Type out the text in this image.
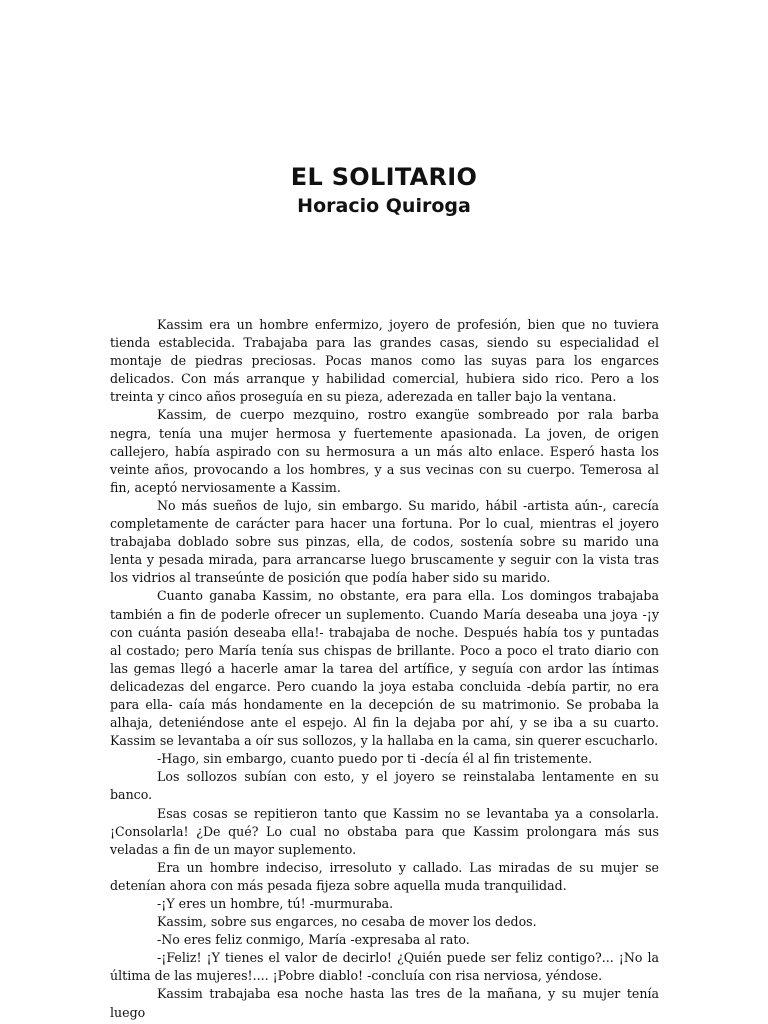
EL SOLITARIO
Horacio Quiroga

Kassim era un hombre enfermizo, joyero de profesión, bien que no tuviera tienda establecida. Trabajaba para las grandes casas, siendo su especialidad el montaje de piedras preciosas. Pocas manos como las suyas para los engarces delicados. Con más arranque y habilidad comercial, hubiera sido rico. Pero a los treinta y cinco años proseguía en su pieza, aderezada en taller bajo la ventana.

Kassim, de cuerpo mezquino, rostro exangüe sombreado por rala barba negra, tenía una mujer hermosa y fuertemente apasionada. La joven, de origen callejero, había aspirado con su hermosura a un más alto enlace. Esperó hasta los veinte años, provocando a los hombres, y a sus vecinas con su cuerpo. Temerosa al fin, aceptó nerviosamente a Kassim.

No más sueños de lujo, sin embargo. Su marido, hábil -artista aún-, carecía completamente de carácter para hacer una fortuna. Por lo cual, mientras el joyero trabajaba doblado sobre sus pinzas, ella, de codos, sostenía sobre su marido una lenta y pesada mirada, para arrancarse luego bruscamente y seguir con la vista tras los vidrios al transeúnte de posición que podía haber sido su marido.

Cuanto ganaba Kassim, no obstante, era para ella. Los domingos trabajaba también a fin de poderle ofrecer un suplemento. Cuando María deseaba una joya -¡y con cuánta pasión deseaba ella!- trabajaba de noche. Después había tos y puntadas al costado; pero María tenía sus chispas de brillante. Poco a poco el trato diario con las gemas llegó a hacerle amar la tarea del artífice, y seguía con ardor las íntimas delicadezas del engarce. Pero cuando la joya estaba concluida -debía partir, no era para ella- caía más hondamente en la decepción de su matrimonio. Se probaba la alhaja, deteniéndose ante el espejo. Al fin la dejaba por ahí, y se iba a su cuarto. Kassim se levantaba a oír sus sollozos, y la hallaba en la cama, sin querer escucharlo.

-Hago, sin embargo, cuanto puedo por ti -decía él al fin tristemente.

Los sollozos subían con esto, y el joyero se reinstalaba lentamente en su banco.

Esas cosas se repitieron tanto que Kassim no se levantaba ya a consolarla. ¡Consolarla! ¿De qué? Lo cual no obstaba para que Kassim prolongara más sus veladas a fin de un mayor suplemento.

Era un hombre indeciso, irresoluto y callado. Las miradas de su mujer se detenían ahora con más pesada fijeza sobre aquella muda tranquilidad.

-¡Y eres un hombre, tú! -murmuraba.

Kassim, sobre sus engarces, no cesaba de mover los dedos.

-No eres feliz conmigo, María -expresaba al rato.

-¡Feliz! ¡Y tienes el valor de decirlo! ¿Quién puede ser feliz contigo?... ¡No la última de las mujeres!.... ¡Pobre diablo! -concluía con risa nerviosa, yéndose.

Kassim trabajaba esa noche hasta las tres de la mañana, y su mujer tenía luego
